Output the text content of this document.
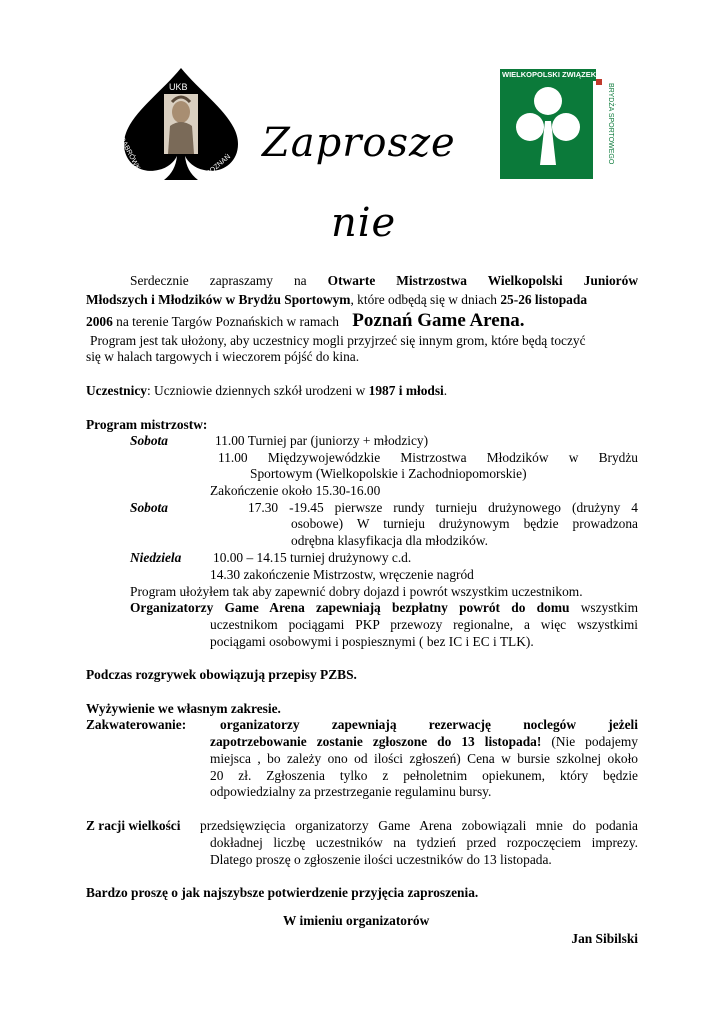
UKB
DĄBRÓWKA	POZNAŃ
WIELKOPOLSKI ZWIĄZEK
BRYDŻA SPORTOWEGO
Zaprosze
nie
Serdecznie zapraszamy na Otwarte Mistrzostwa Wielkopolski Juniorów
Młodszych i Młodzików w Brydżu Sportowym, które odbędą się w dniach 25-26 listopada
2006 na terenie Targów Poznańskich w ramach Poznań Game Arena.
Program jest tak ułożony, aby uczestnicy mogli przyjrzeć się innym grom, które będą toczyć
się w halach targowych i wieczorem pójść do kina.
Uczestnicy: Uczniowie dziennych szkół urodzeni w 1987 i młodsi.
Program mistrzostw:
Sobota	11.00 Turniej par (juniorzy + młodzicy)
11.00 Międzywojewódzkie Mistrzostwa Młodzików w Brydżu
Sportowym (Wielkopolskie i Zachodniopomorskie)
Zakończenie około 15.30-16.00
Sobota	17.30 -19.45 pierwsze rundy turnieju drużynowego (drużyny 4
osobowe) W turnieju drużynowym będzie prowadzona
odrębna klasyfikacja dla młodzików.
Niedziela 10.00 – 14.15 turniej drużynowy c.d.
14.30 zakończenie Mistrzostw, wręczenie nagród
Program ułożyłem tak aby zapewnić dobry dojazd i powrót wszystkim uczestnikom.
Organizatorzy Game Arena zapewniają bezpłatny powrót do domu wszystkim
uczestnikom pociągami PKP przewozy regionalne, a więc wszystkimi
pociągami osobowymi i pospiesznymi ( bez IC i EC i TLK).
Podczas rozgrywek obowiązują przepisy PZBS.
Wyżywienie we własnym zakresie.
Zakwaterowanie:	organizatorzy zapewniają rezerwację noclegów jeżeli
zapotrzebowanie zostanie zgłoszone do 13 listopada! (Nie podajemy
miejsca , bo zależy ono od ilości zgłoszeń) Cena w bursie szkolnej około
20 zł. Zgłoszenia tylko z pełnoletnim opiekunem, który będzie
odpowiedzialny za przestrzeganie regulaminu bursy.
Z racji wielkości przedsięwzięcia organizatorzy Game Arena zobowiązali mnie do podania
dokładnej liczbę uczestników na tydzień przed rozpoczęciem imprezy.
Dlatego proszę o zgłoszenie ilości uczestników do 13 listopada.
Bardzo proszę o jak najszybsze potwierdzenie przyjęcia zaproszenia.
W imieniu organizatorów
Jan Sibilski
